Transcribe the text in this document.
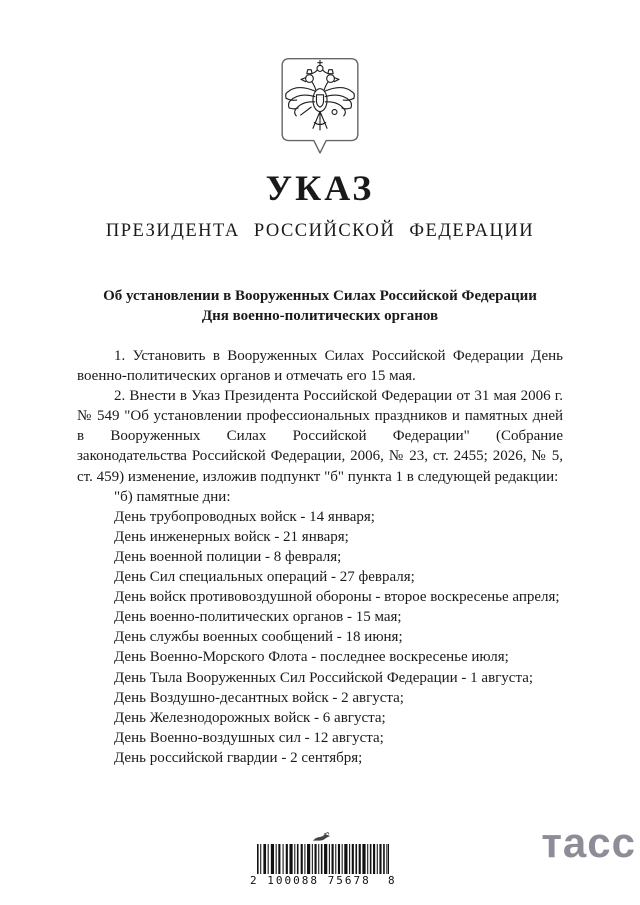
УКАЗ
ПРЕЗИДЕНТА РОССИЙСКОЙ ФЕДЕРАЦИИ
Об установлении в Вооруженных Силах Российской Федерации
Дня военно-политических органов

1. Установить в Вооруженных Силах Российской Федерации День военно-политических органов и отмечать его 15 мая.

2. Внести в Указ Президента Российской Федерации от 31 мая 2006 г. № 549 "Об установлении профессиональных праздников и памятных дней в Вооруженных Силах Российской Федерации" (Собрание законодательства Российской Федерации, 2006, № 23, ст. 2455; 2026, № 5, ст. 459) изменение, изложив подпункт "б" пункта 1 в следующей редакции:

"б) памятные дни:

День трубопроводных войск - 14 января;

День инженерных войск - 21 января;

День военной полиции - 8 февраля;

День Сил специальных операций - 27 февраля;

День войск противовоздушной обороны - второе воскресенье апреля;

День военно-политических органов - 15 мая;

День службы военных сообщений - 18 июня;

День Военно-Морского Флота - последнее воскресенье июля;

День Тыла Вооруженных Сил Российской Федерации - 1 августа;

День Воздушно-десантных войск - 2 августа;

День Железнодорожных войск - 6 августа;

День Военно-воздушных сил - 12 августа;

День российской гвардии - 2 сентября;

2 100088 75678  8
тасс
